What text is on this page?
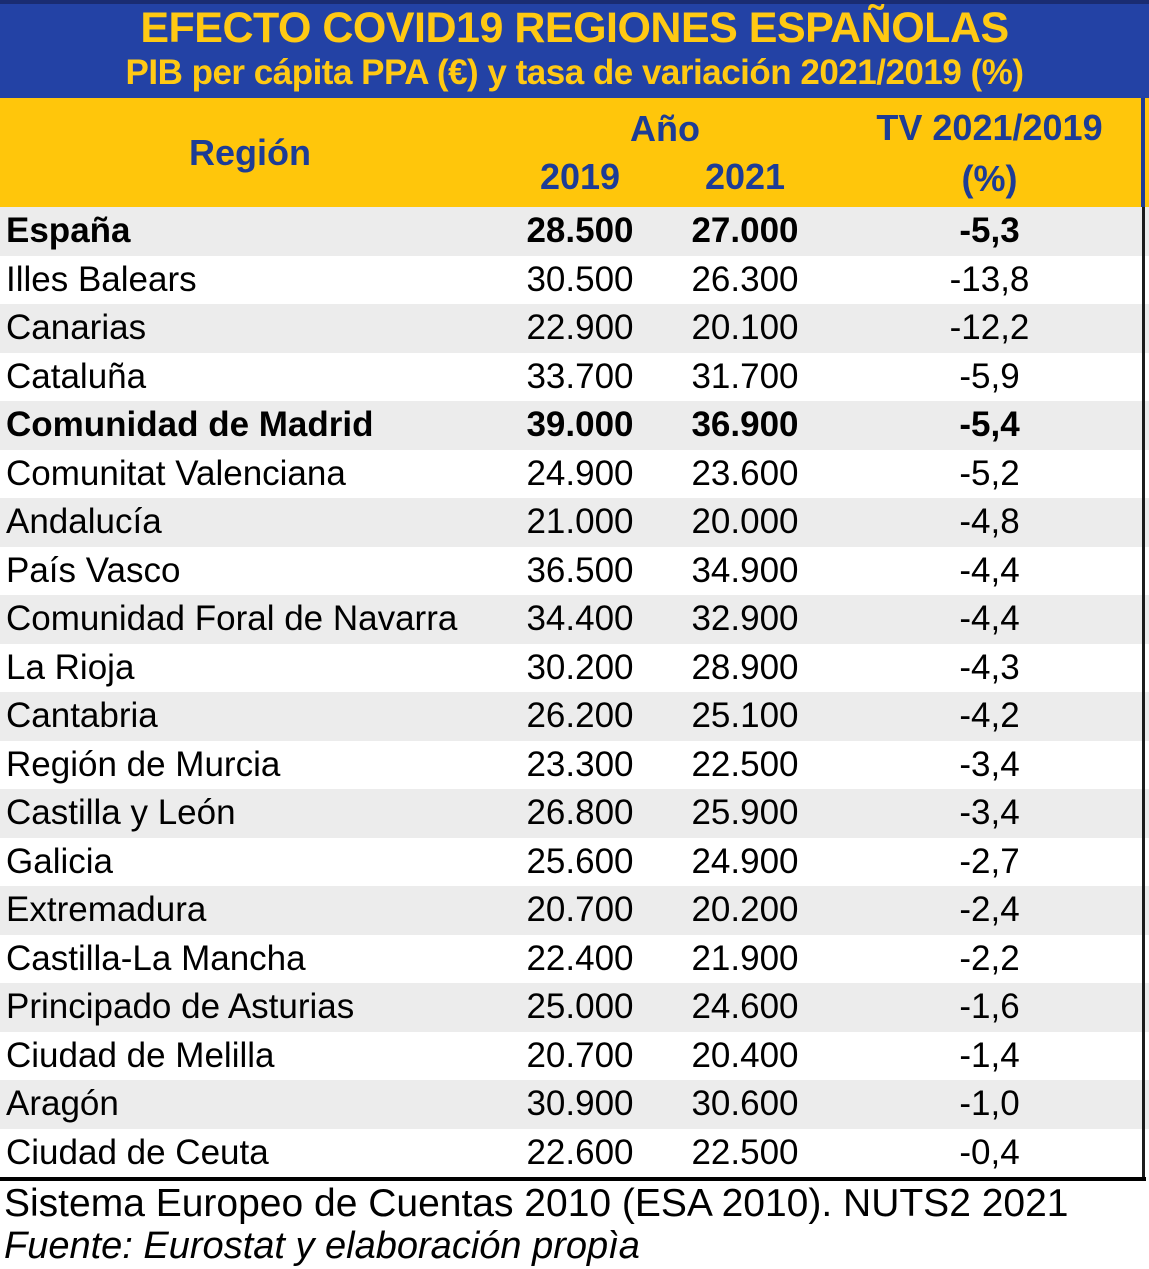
EFECTO COVID19 REGIONES ESPAÑOLAS
PIB per cápita PPA (€) y tasa de variación 2021/2019 (%)
Región
Año
2019	2021
TV 2021/2019
(%)
España	28.500	27.000	-5,3
Illes Balears	30.500	26.300	-13,8
Canarias	22.900	20.100	-12,2
Cataluña	33.700	31.700	-5,9
Comunidad de Madrid	39.000	36.900	-5,4
Comunitat Valenciana	24.900	23.600	-5,2
Andalucía	21.000	20.000	-4,8
País Vasco	36.500	34.900	-4,4
Comunidad Foral de Navarra	34.400	32.900	-4,4
La Rioja	30.200	28.900	-4,3
Cantabria	26.200	25.100	-4,2
Región de Murcia	23.300	22.500	-3,4
Castilla y León	26.800	25.900	-3,4
Galicia	25.600	24.900	-2,7
Extremadura	20.700	20.200	-2,4
Castilla-La Mancha	22.400	21.900	-2,2
Principado de Asturias	25.000	24.600	-1,6
Ciudad de Melilla	20.700	20.400	-1,4
Aragón	30.900	30.600	-1,0
Ciudad de Ceuta	22.600	22.500	-0,4
Sistema Europeo de Cuentas 2010 (ESA 2010). NUTS2 2021
Fuente: Eurostat y elaboración propìa
